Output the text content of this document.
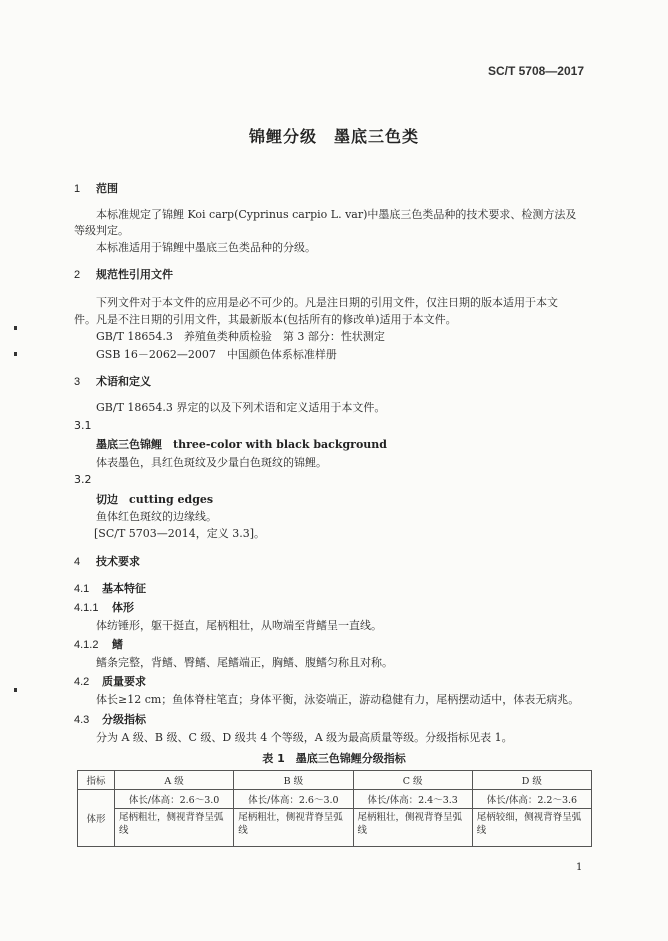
SC/T 5708—2017
锦鲤分级　墨底三色类
1 范围
本标准规定了锦鲤 Koi carp(Cyprinus carpio L. var)中墨底三色类品种的技术要求、检测方法及
等级判定。
本标准适用于锦鲤中墨底三色类品种的分级。
2 规范性引用文件
下列文件对于本文件的应用是必不可少的。凡是注日期的引用文件，仅注日期的版本适用于本文
件。凡是不注日期的引用文件，其最新版本(包括所有的修改单)适用于本文件。
GB/T 18654.3　养殖鱼类种质检验　第 3 部分：性状测定
GSB 16－2062—2007　中国颜色体系标准样册
3 术语和定义
GB/T 18654.3 界定的以及下列术语和定义适用于本文件。
3.1
墨底三色锦鲤　three-color with black background
体表墨色，具红色斑纹及少量白色斑纹的锦鲤。
3.2
切边　cutting edges
鱼体红色斑纹的边缘线。
[SC/T 5703—2014，定义 3.3]。
4 技术要求
4.1 基本特征
4.1.1 体形
体纺锤形，躯干挺直，尾柄粗壮，从吻端至背鳍呈一直线。
4.1.2 鳍
鳍条完整，背鳍、臀鳍、尾鳍端正，胸鳍、腹鳍匀称且对称。
4.2 质量要求
体长≥12 cm；鱼体脊柱笔直；身体平衡，泳姿端正，游动稳健有力，尾柄摆动适中，体表无病兆。
4.3 分级指标
分为 A 级、B 级、C 级、D 级共 4 个等级，A 级为最高质量等级。分级指标见表 1。
表 1　墨底三色锦鲤分级指标
指标	A 级	B 级	C 级	D 级
体形	体长/体高：2.6～3.0	体长/体高：2.6～3.0	体长/体高：2.4～3.3	体长/体高：2.2～3.6
	尾柄粗壮，侧视背脊呈弧线	尾柄粗壮，侧视背脊呈弧线	尾柄粗壮，侧视背脊呈弧线	尾柄较细，侧视背脊呈弧线
1
